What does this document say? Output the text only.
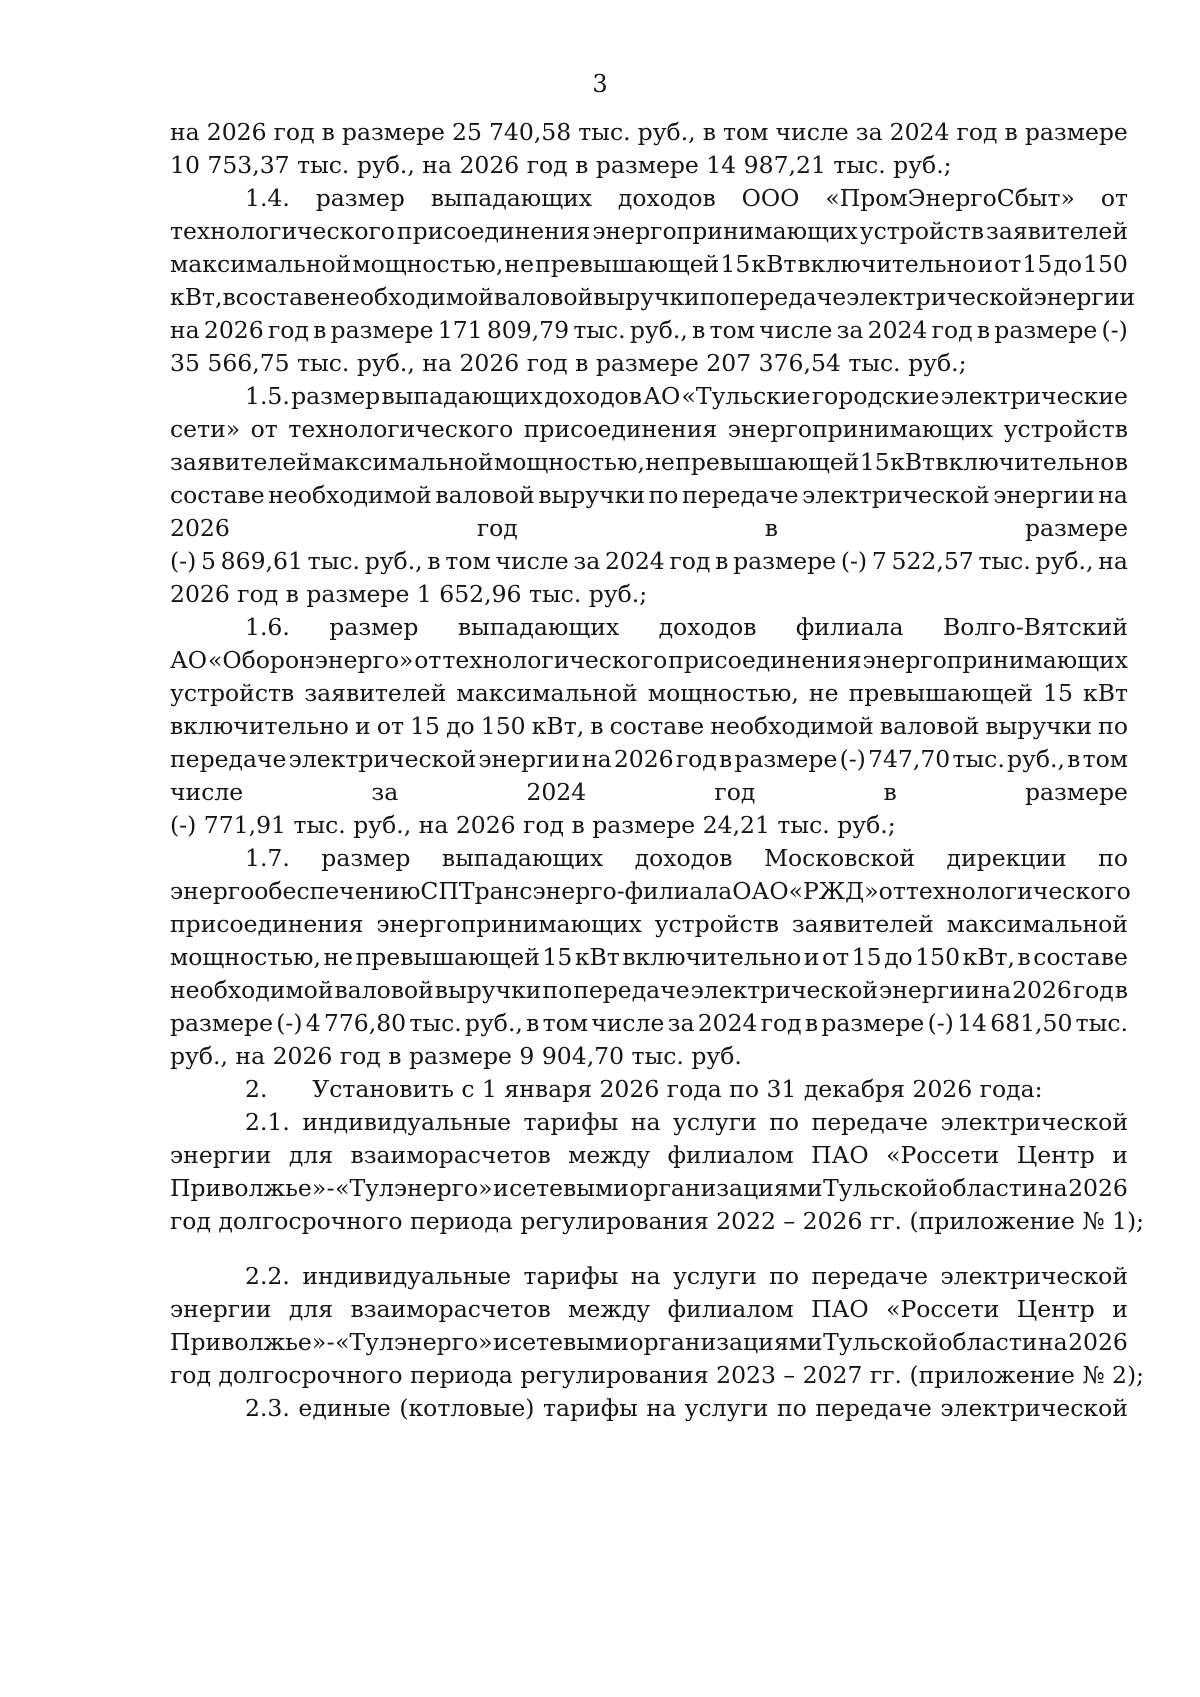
3
на 2026 год в размере 25 740,58 тыс. руб., в том числе за 2024 год в размере
10 753,37 тыс. руб., на 2026 год в размере 14 987,21 тыс. руб.;
1.4. размер выпадающих доходов ООО «ПромЭнергоСбыт» от
технологического присоединения энергопринимающих устройств заявителей
максимальной мощностью, не превышающей 15 кВт включительно и от 15 до 150
кВт, в составе необходимой валовой выручки по передаче электрической энергии
на 2026 год в размере 171 809,79 тыс. руб., в том числе за 2024 год в размере (-)
35 566,75 тыс. руб., на 2026 год в размере 207 376,54 тыс. руб.;
1.5. размер выпадающих доходов АО «Тульские городские электрические
сети» от технологического присоединения энергопринимающих устройств
заявителей максимальной мощностью, не превышающей 15 кВт включительно в
составе необходимой валовой выручки по передаче электрической энергии на
2026	год	в	размере
(-) 5 869,61 тыс. руб., в том числе за 2024 год в размере (-) 7 522,57 тыс. руб., на
2026 год в размере 1 652,96 тыс. руб.;
1.6. размер выпадающих доходов филиала Волго-Вятский
АО «Оборонэнерго» от технологического присоединения энергопринимающих
устройств заявителей максимальной мощностью, не превышающей 15 кВт
включительно и от 15 до 150 кВт, в составе необходимой валовой выручки по
передаче электрической энергии на 2026 год в размере (-) 747,70 тыс. руб., в том
числе	за	2024	год	в	размере
(-) 771,91 тыс. руб., на 2026 год в размере 24,21 тыс. руб.;
1.7. размер выпадающих доходов Московской дирекции по
энергообеспечению СП Трансэнерго - филиала ОАО «РЖД» от технологического
присоединения энергопринимающих устройств заявителей максимальной
мощностью, не превышающей 15 кВт включительно и от 15 до 150 кВт, в составе
необходимой валовой выручки по передаче электрической энергии на 2026 год в
размере (-) 4 776,80 тыс. руб., в том числе за 2024 год в размере (-) 14 681,50 тыс.
руб., на 2026 год в размере 9 904,70 тыс. руб.
2.      Установить с 1 января 2026 года по 31 декабря 2026 года:
2.1. индивидуальные тарифы на услуги по передаче электрической
энергии для взаиморасчетов между филиалом ПАО «Россети Центр и
Приволжье» - «Тулэнерго» и сетевыми организациями Тульской области на 2026
год долгосрочного периода регулирования 2022 – 2026 гг. (приложение № 1);
2.2. индивидуальные тарифы на услуги по передаче электрической
энергии для взаиморасчетов между филиалом ПАО «Россети Центр и
Приволжье» - «Тулэнерго» и сетевыми организациями Тульской области на 2026
год долгосрочного периода регулирования 2023 – 2027 гг. (приложение № 2);
2.3. единые (котловые) тарифы на услуги по передаче электрической
